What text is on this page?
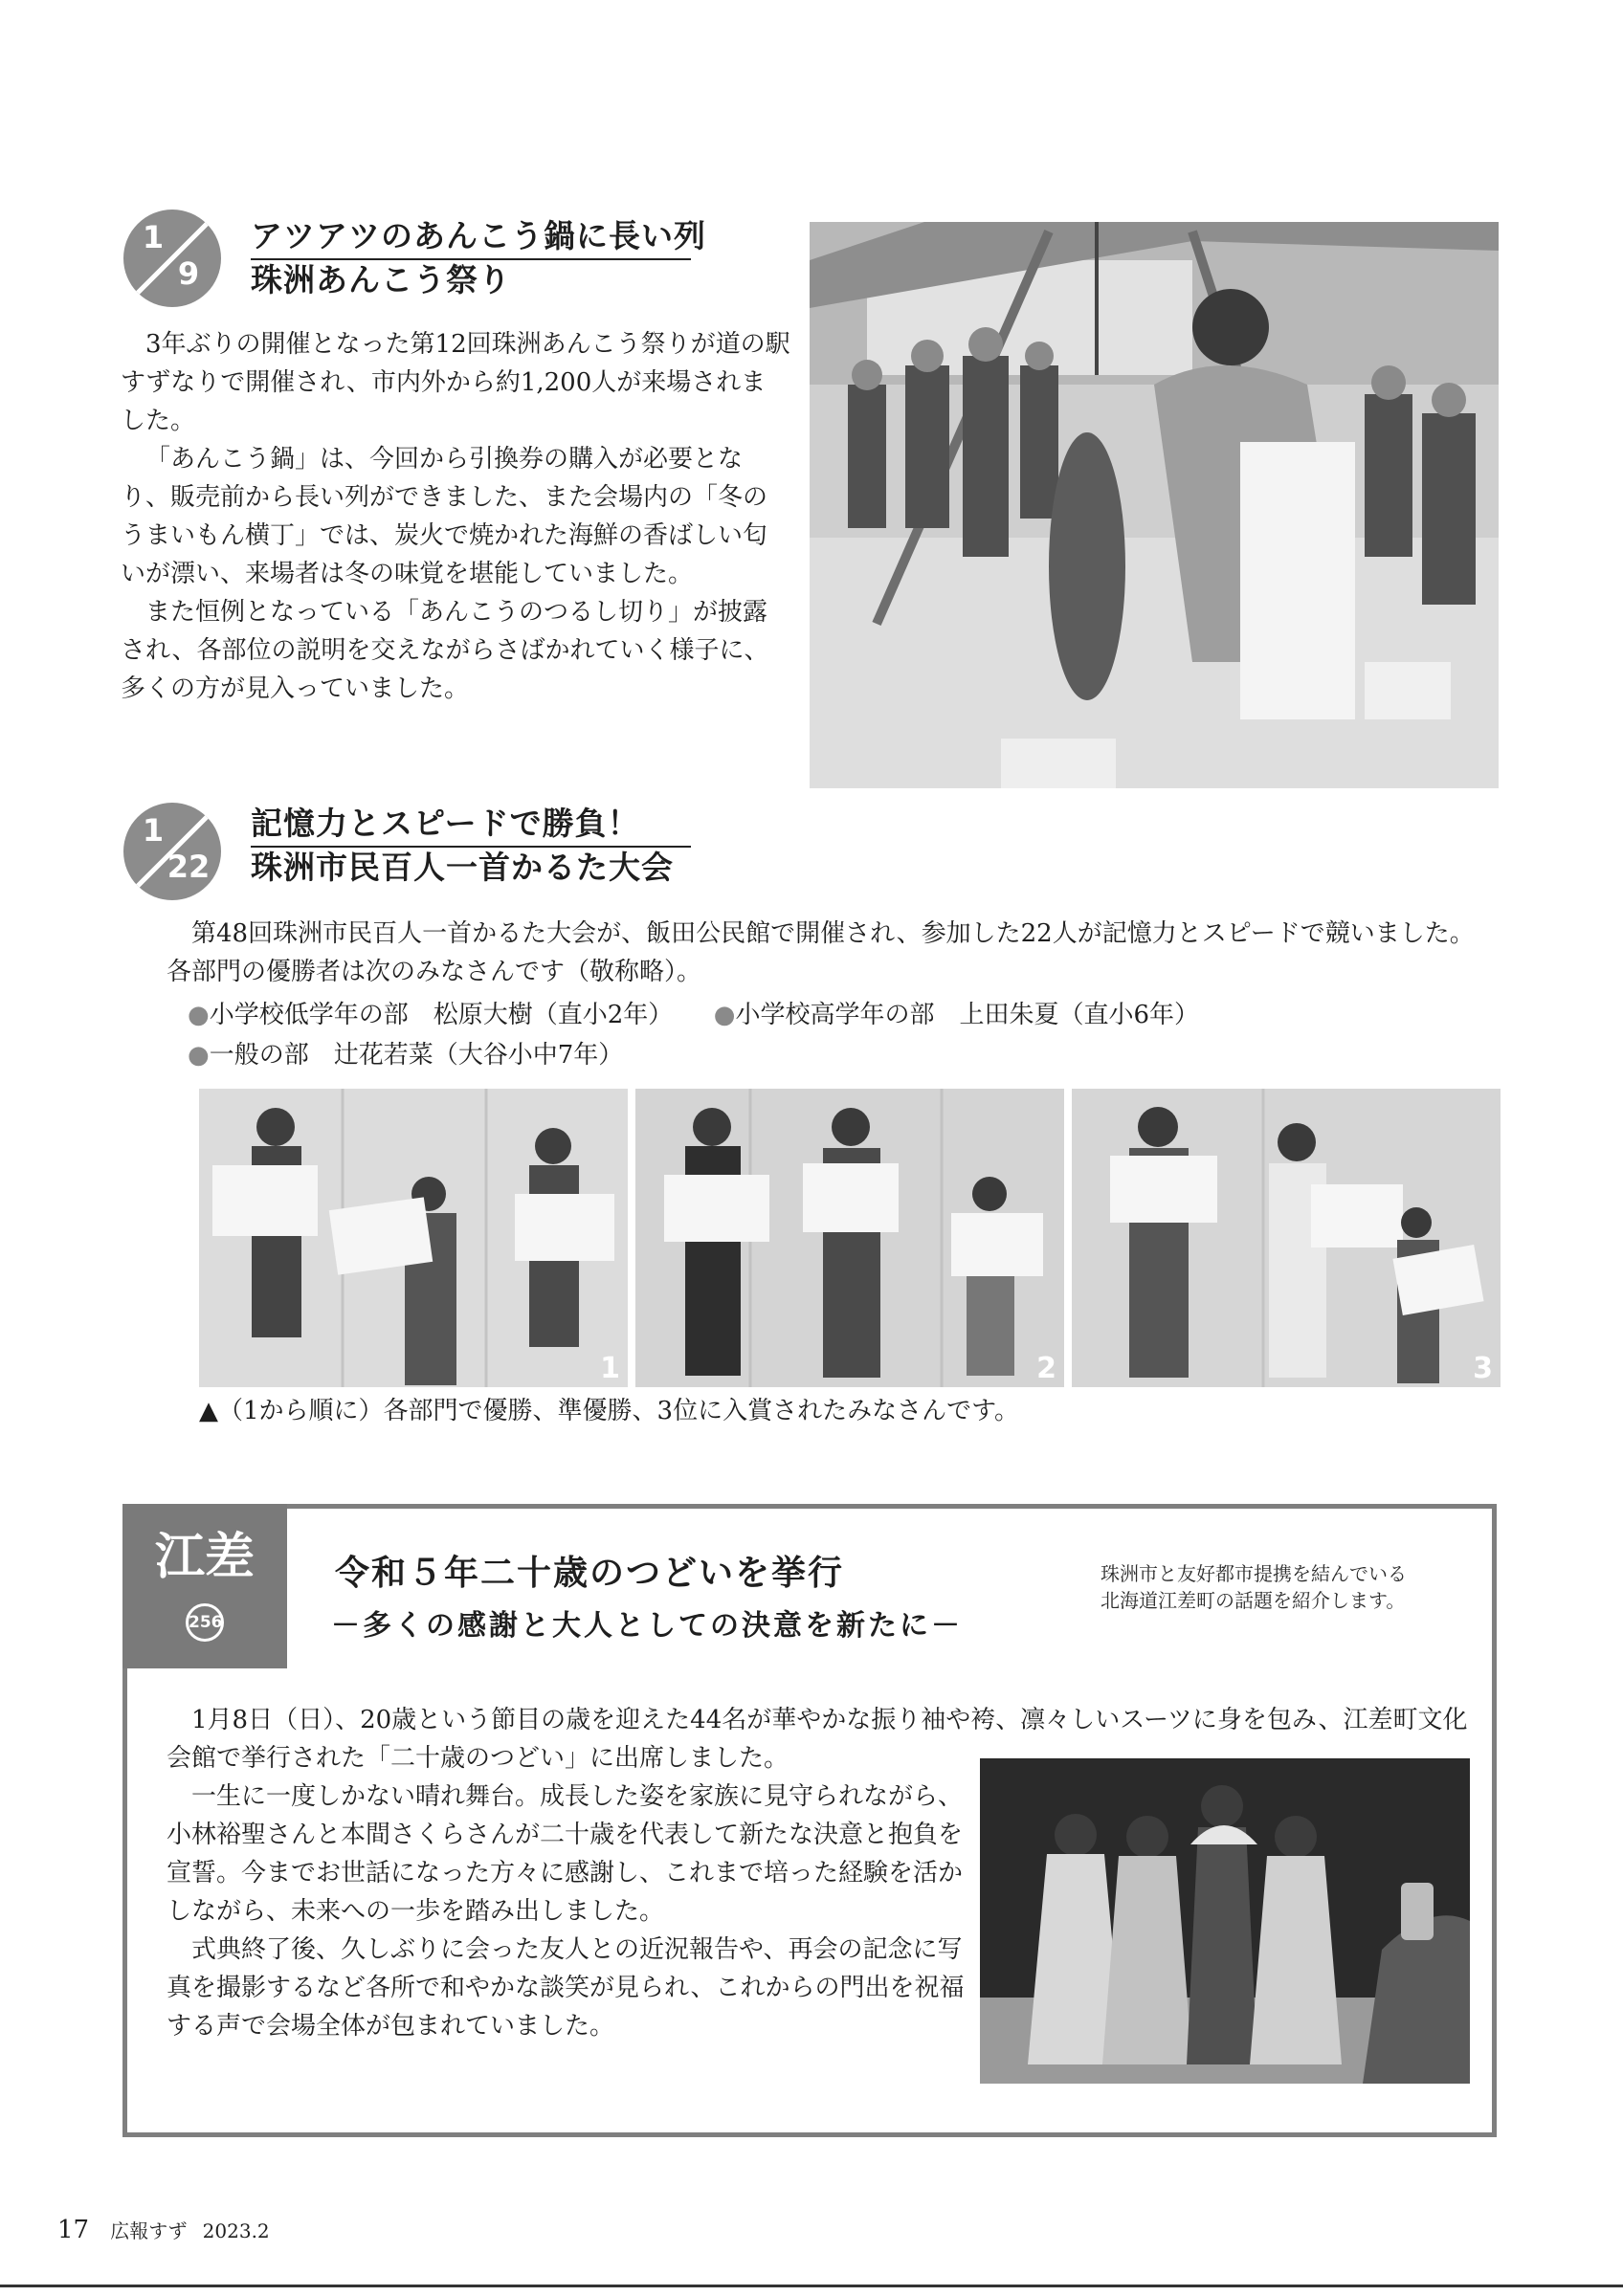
1
9
アツアツのあんこう鍋に長い列
珠洲あんこう祭り

3年ぶりの開催となった第12回珠洲あんこう祭りが道の駅すずなりで開催され、市内外から約1,200人が来場されました。

「あんこう鍋」は、今回から引換券の購入が必要となり、販売前から長い列ができました、また会場内の「冬のうまいもん横丁」では、炭火で焼かれた海鮮の香ばしい匂いが漂い、来場者は冬の味覚を堪能していました。

また恒例となっている「あんこうのつるし切り」が披露され、各部位の説明を交えながらさばかれていく様子に、多くの方が見入っていました。

1
22
記憶力とスピードで勝負！
珠洲市民百人一首かるた大会

第48回珠洲市民百人一首かるた大会が、飯田公民館で開催され、参加した22人が記憶力とスピードで競いました。各部門の優勝者は次のみなさんです（敬称略）。

●小学校低学年の部　松原大樹（直小2年） ●小学校高学年の部　上田朱夏（直小6年）
●一般の部　辻花若菜（大谷小中7年）
1	2	3
▲（1から順に）各部門で優勝、準優勝、3位に入賞されたみなさんです。
江差
256
令和５年二十歳のつどいを挙行
－多くの感謝と大人としての決意を新たに－
珠洲市と友好都市提携を結んでいる
北海道江差町の話題を紹介します。

1月8日（日）、20歳という節目の歳を迎えた44名が華やかな振り袖や袴、凛々しいスーツに身を包み、江差町文化会館で挙行された「二十歳のつどい」に出席しました。

一生に一度しかない晴れ舞台。成長した姿を家族に見守られながら、小林裕聖さんと本間さくらさんが二十歳を代表して新たな決意と抱負を宣誓。今までお世話になった方々に感謝し、これまで培った経験を活かしながら、未来への一歩を踏み出しました。

式典終了後、久しぶりに会った友人との近況報告や、再会の記念に写真を撮影するなど各所で和やかな談笑が見られ、これからの門出を祝福する声で会場全体が包まれていました。

17 広報すず 2023.2
